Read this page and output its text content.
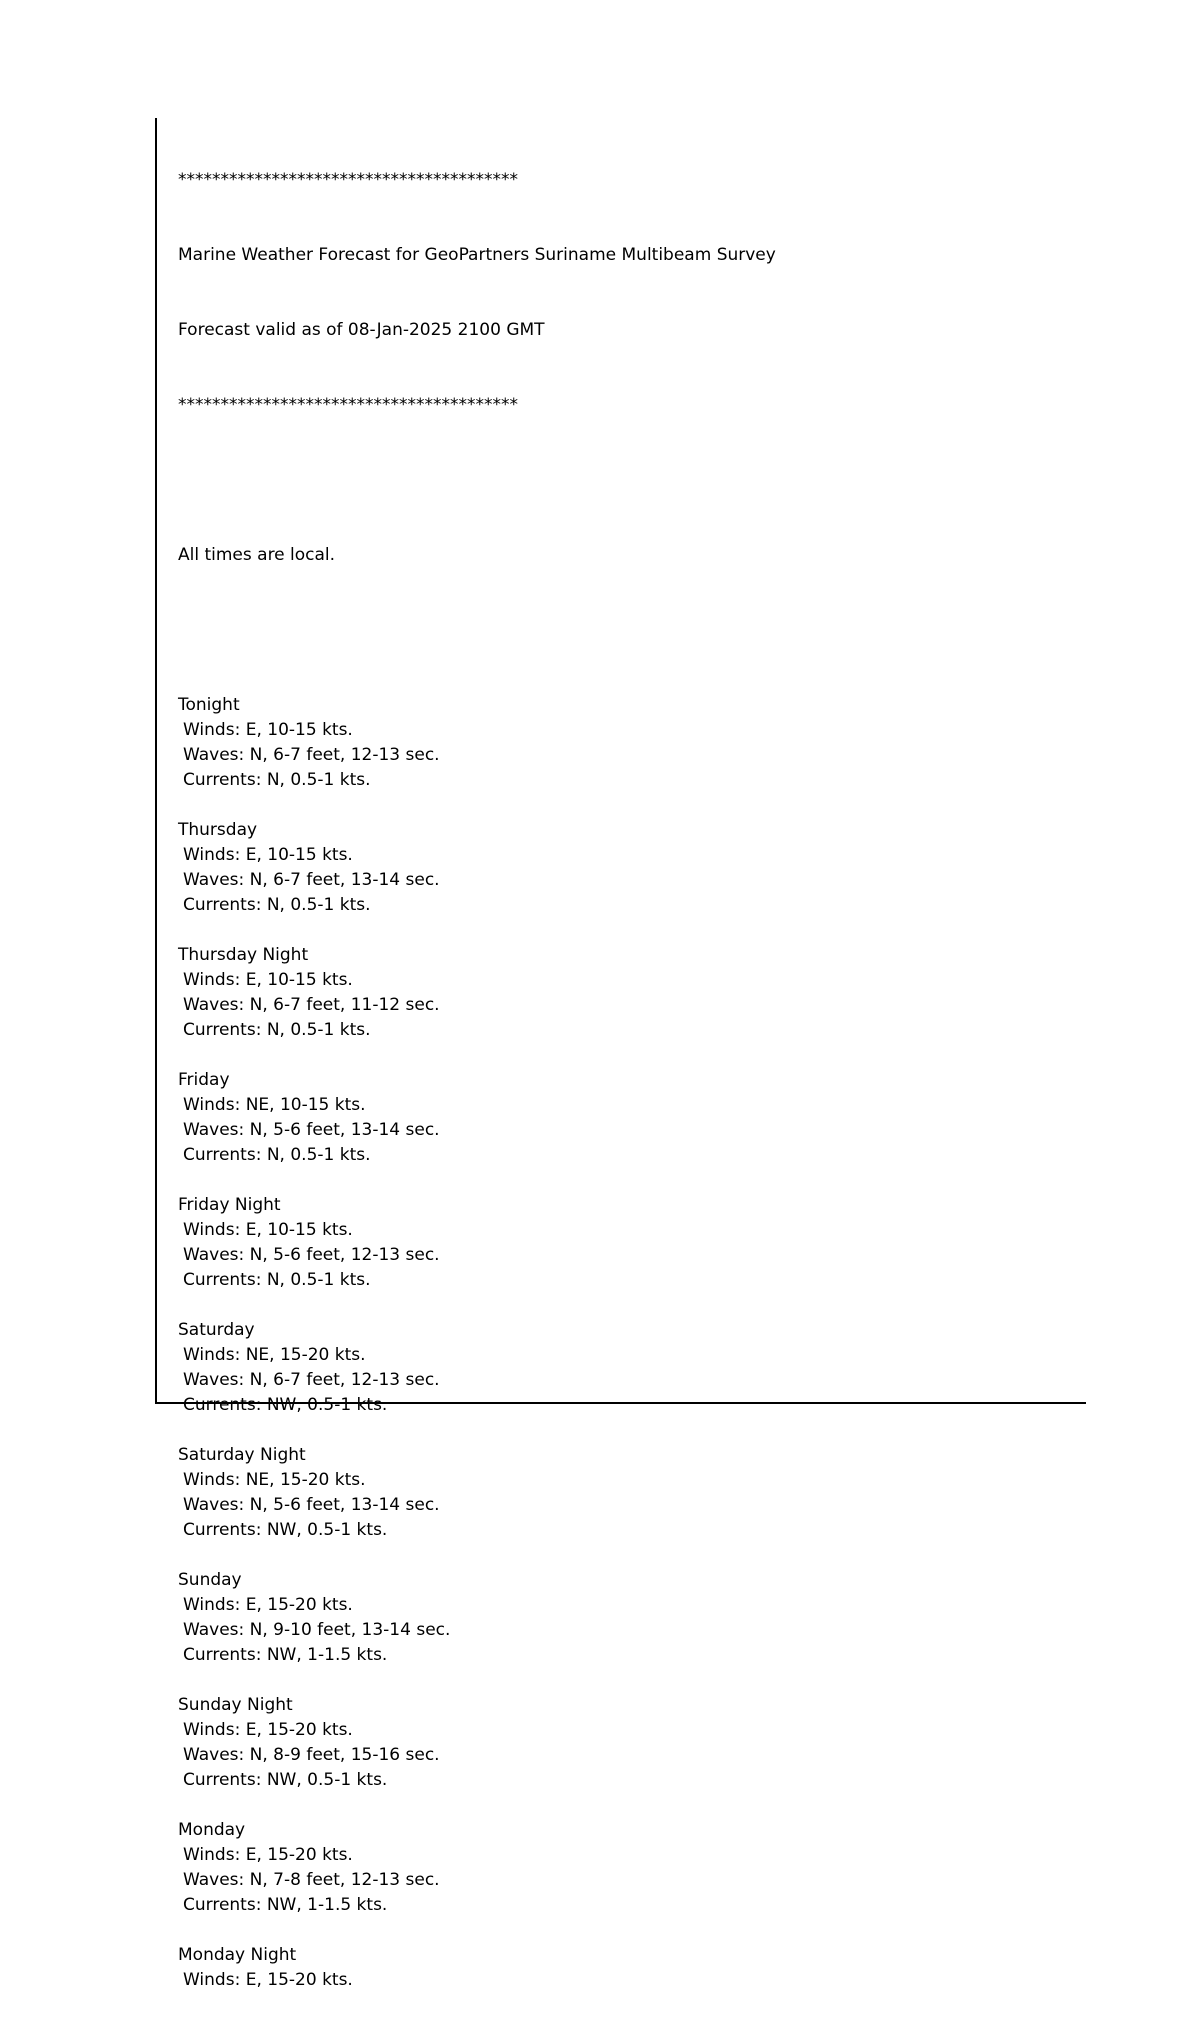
****************************************

Marine Weather Forecast for GeoPartners Suriname Multibeam Survey

Forecast valid as of 08-Jan-2025 2100 GMT

****************************************

All times are local.

Tonight
Winds: E, 10-15 kts.
Waves: N, 6-7 feet, 12-13 sec.
Currents: N, 0.5-1 kts.
Thursday
Winds: E, 10-15 kts.
Waves: N, 6-7 feet, 13-14 sec.
Currents: N, 0.5-1 kts.
Thursday Night
Winds: E, 10-15 kts.
Waves: N, 6-7 feet, 11-12 sec.
Currents: N, 0.5-1 kts.
Friday
Winds: NE, 10-15 kts.
Waves: N, 5-6 feet, 13-14 sec.
Currents: N, 0.5-1 kts.
Friday Night
Winds: E, 10-15 kts.
Waves: N, 5-6 feet, 12-13 sec.
Currents: N, 0.5-1 kts.
Saturday
Winds: NE, 15-20 kts.
Waves: N, 6-7 feet, 12-13 sec.
Currents: NW, 0.5-1 kts.
Saturday Night
Winds: NE, 15-20 kts.
Waves: N, 5-6 feet, 13-14 sec.
Currents: NW, 0.5-1 kts.
Sunday
Winds: E, 15-20 kts.
Waves: N, 9-10 feet, 13-14 sec.
Currents: NW, 1-1.5 kts.
Sunday Night
Winds: E, 15-20 kts.
Waves: N, 8-9 feet, 15-16 sec.
Currents: NW, 0.5-1 kts.
Monday
Winds: E, 15-20 kts.
Waves: N, 7-8 feet, 12-13 sec.
Currents: NW, 1-1.5 kts.
Monday Night
Winds: E, 15-20 kts.
